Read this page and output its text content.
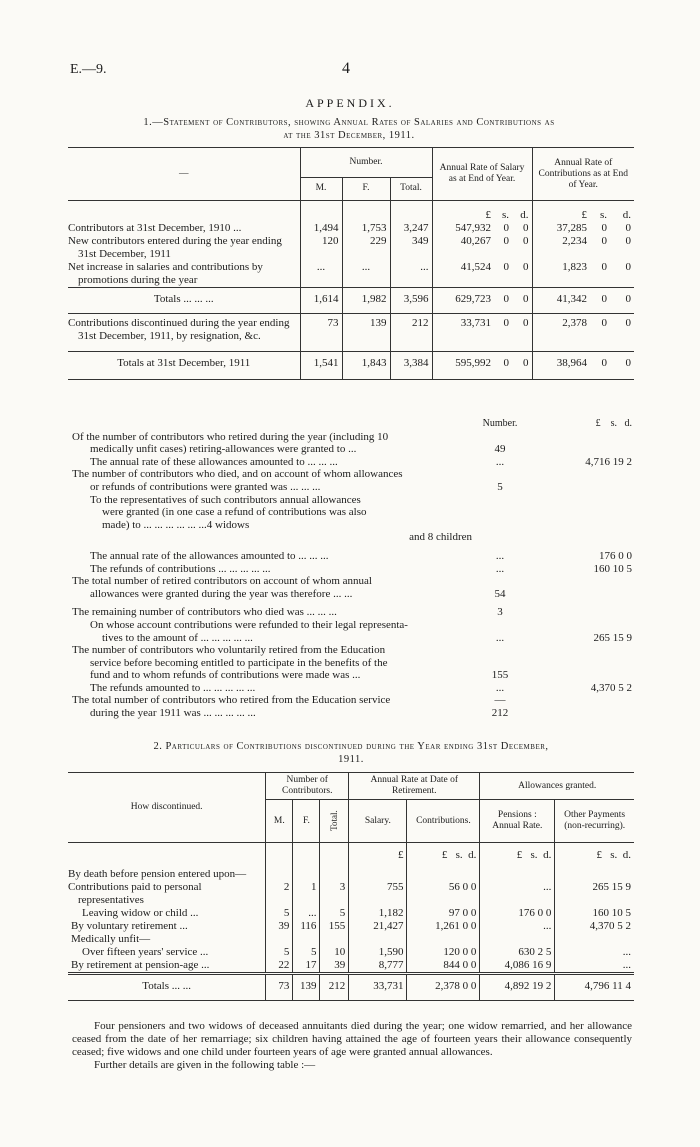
E.—9.	4
APPENDIX.
1.—Statement of Contributors, showing Annual Rates of Salaries and Contributions as
at the 31st December, 1911.
—	Number.			Annual Rate of Salary as at End of Year.			Annual Rate of Contributions as at End of Year.		
	M.	F.	Total.						
				£	s.	d.	£	s.	d.
Contributors at 31st December, 1910 ...	1,494	1,753	3,247	547,932	0	0	37,285	0	0
New contributors entered during the year ending 31st December, 1911	120	229	349	40,267	0	0	2,234	0	0
Net increase in salaries and contributions by promotions during the year	...	...	...	41,524	0	0	1,823	0	0
Totals ... ... ...	1,614	1,982	3,596	629,723	0	0	41,342	0	0
Contributions discontinued during the year ending 31st December, 1911, by resignation, &c.	73	139	212	33,731	0	0	2,378	0	0
Totals at 31st December, 1911	1,541	1,843	3,384	595,992	0	0	38,964	0	0
Number.	£ s. d.
Of the number of contributors who retired during the year (including 10
medically unfit cases) retiring-allowances were granted to ...	49
The annual rate of these allowances amounted to ... ... ...	...	4,716 19 2
The number of contributors who died, and on account of whom allowances
or refunds of contributions were granted was ... ... ...	5
To the representatives of such contributors annual allowances
were granted (in one case a refund of contributions was also
made) to ... ... ... ... ... ...4 widows
and 8 children
The annual rate of the allowances amounted to ... ... ...	...	176 0 0
The refunds of contributions ... ... ... ... ...	...	160 10 5
The total number of retired contributors on account of whom annual
allowances were granted during the year was therefore ... ...	54
The remaining number of contributors who died was ... ... ...	3
On whose account contributions were refunded to their legal representa-
tives to the amount of ... ... ... ... ...	...	265 15 9
The number of contributors who voluntarily retired from the Education
service before becoming entitled to participate in the benefits of the
fund and to whom refunds of contributions were made was ...	155
The refunds amounted to ... ... ... ... ...	...	4,370 5 2
The total number of contributors who retired from the Education service	—
during the year 1911 was ... ... ... ... ...	212
2. Particulars of Contributions discontinued during the Year ending 31st December,
1911.
How discontinued.	Number of Contributors.			Annual Rate at Date of Retirement.		Allowances granted.	
	M.	F.	Total.	Salary.	Contributions.	Pensions : Annual Rate.	Other Payments (non-recurring).
				£	£ s. d.	£ s. d.	£ s. d.
By death before pension entered upon—							
Contributions paid to personal representatives	2	1	3	755	56 0 0	...	265 15 9
Leaving widow or child ...	5	...	5	1,182	97 0 0	176 0 0	160 10 5
By voluntary retirement ...	39	116	155	21,427	1,261 0 0	...	4,370 5 2
Medically unfit—							
Over fifteen years' service ...	5	5	10	1,590	120 0 0	630 2 5	...
By retirement at pension-age ...	22	17	39	8,777	844 0 0	4,086 16 9	...
Totals ... ...	73	139	212	33,731	2,378 0 0	4,892 19 2	4,796 11 4

Four pensioners and two widows of deceased annuitants died during the year; one widow remarried, and her allowance ceased from the date of her remarriage; six children having attained the age of fourteen years their allowance consequently ceased; five widows and one child under fourteen years of age were granted annual allowances.

Further details are given in the following table :—
